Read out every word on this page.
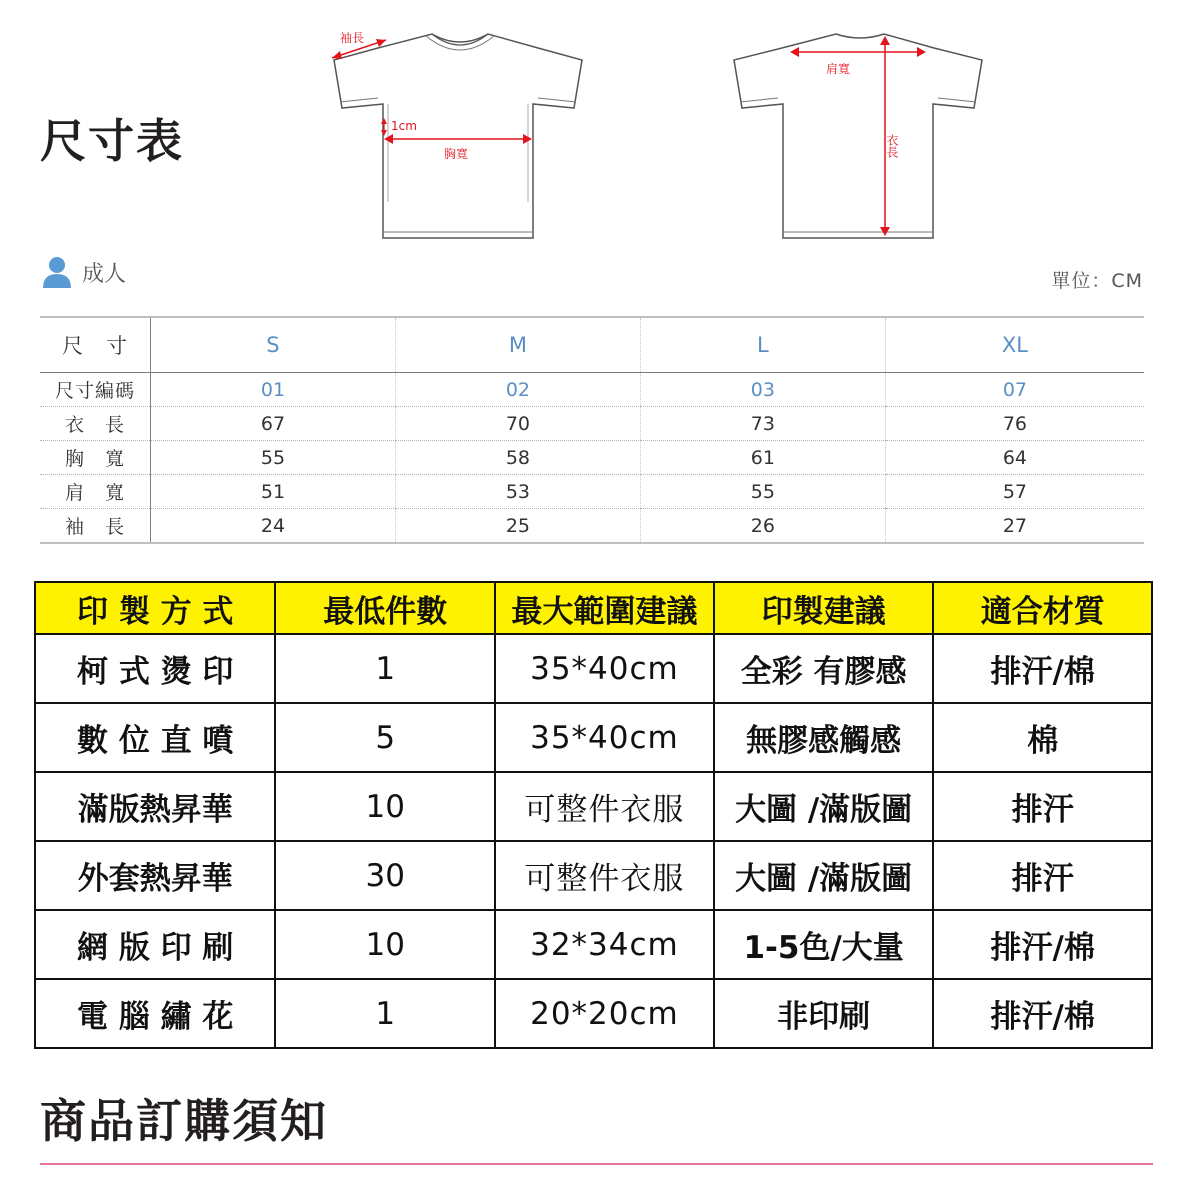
尺寸表
袖長
1cm
胸寬
肩寬
衣長
成人	單位：CM
尺　寸	S	M	L	XL
尺寸編碼	01	02	03	07
衣　長	67	70	73	76
胸　寬	55	58	61	64
肩　寬	51	53	55	57
袖　長	24	25	26	27
印 製 方 式	最低件數	最大範圍建議	印製建議	適合材質
柯 式 燙 印	1	35*40cm	全彩 有膠感	排汗/棉
數 位 直 噴	5	35*40cm	無膠感觸感	棉
滿版熱昇華	10	可整件衣服	大圖 /滿版圖	排汗
外套熱昇華	30	可整件衣服	大圖 /滿版圖	排汗
網 版 印 刷	10	32*34cm	1-5色/大量	排汗/棉
電 腦 繡 花	1	20*20cm	非印刷	排汗/棉
商品訂購須知
